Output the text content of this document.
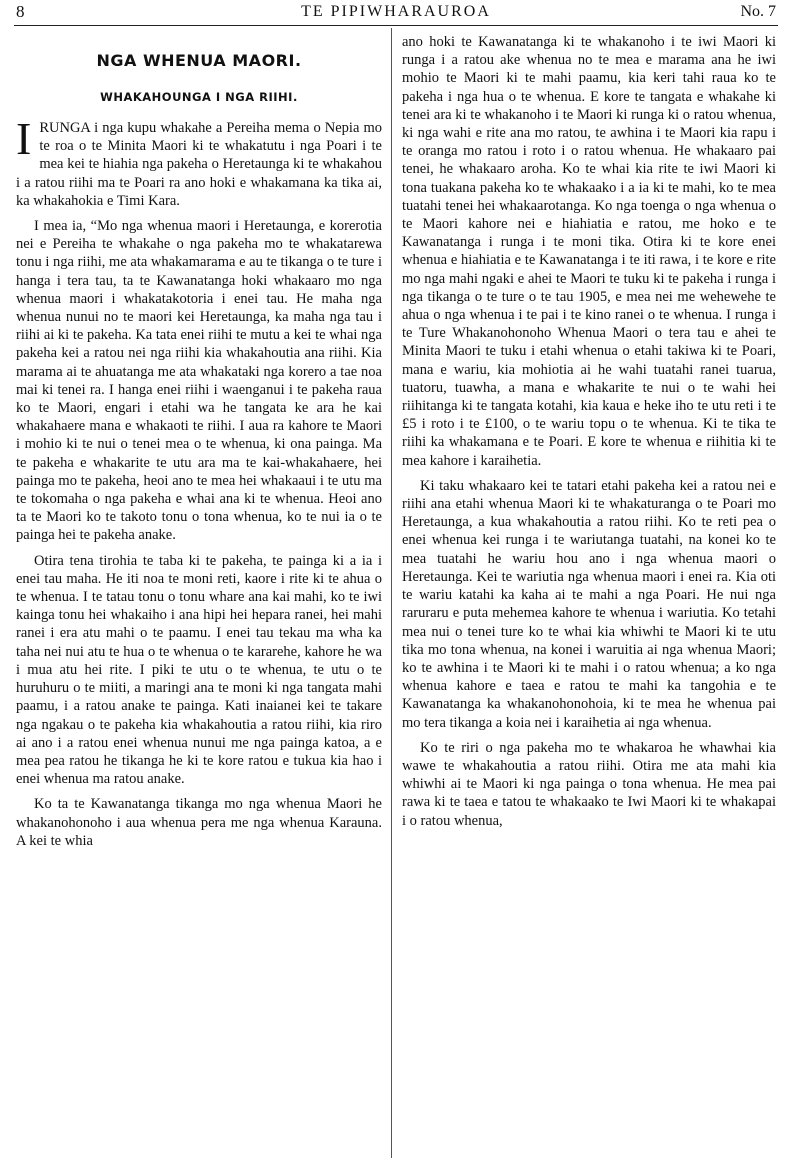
8	TE PIPIWHARAUROA	No. 7
NGA WHENUA MAORI.
WHAKAHOUNGA I NGA RIIHI.

IRUNGA i nga kupu whakahe a Pereiha mema o Nepia mo te roa o te Minita Maori ki te whakatutu i nga Poari i te mea kei te hiahia nga pakeha o Heretaunga ki te whakahou i a ratou riihi ma te Poari ra ano hoki e whakamana ka tika ai, ka whakahokia e Timi Kara.

I mea ia, “Mo nga whenua maori i Heretaunga, e korerotia nei e Pereiha te whakahe o nga pakeha mo te whakatarewa tonu i nga riihi, me ata whakamarama e au te tikanga o te ture i hanga i tera tau, ta te Kawanatanga hoki whakaaro mo nga whenua maori i whakatakotoria i enei tau. He maha nga whenua nunui no te maori kei Heretaunga, ka maha nga tau i riihi ai ki te pakeha. Ka tata enei riihi te mutu a kei te whai nga pakeha kei a ratou nei nga riihi kia whakahoutia ana riihi. Kia marama ai te ahuatanga me ata whakataki nga korero a tae noa mai ki tenei ra. I hanga enei riihi i waenganui i te pakeha raua ko te Maori, engari i etahi wa he tangata ke ara he kai whakahaere mana e whakaoti te riihi. I aua ra kahore te Maori i mohio ki te nui o tenei mea o te whenua, ki ona painga. Ma te pakeha e whakarite te utu ara ma te kai-whakahaere, hei painga mo te pakeha, heoi ano te mea hei whakaaui i te utu ma te tokomaha o nga pakeha e whai ana ki te whenua. Heoi ano ta te Maori ko te takoto tonu o tona whenua, ko te nui ia o te painga hei te pakeha anake.

Otira tena tirohia te taba ki te pakeha, te painga ki a ia i enei tau maha. He iti noa te moni reti, kaore i rite ki te ahua o te whenua. I te tatau tonu o tonu whare ana kai mahi, ko te iwi kainga tonu hei whakaiho i ana hipi hei hepara ranei, hei mahi ranei i era atu mahi o te paamu. I enei tau tekau ma wha ka taha nei nui atu te hua o te whenua o te kararehe, kahore he wa i mua atu hei rite. I piki te utu o te whenua, te utu o te huruhuru o te miiti, a maringi ana te moni ki nga tangata mahi paamu, i a ratou anake te painga. Kati inaianei kei te takare nga ngakau o te pakeha kia whakahoutia a ratou riihi, kia riro ai ano i a ratou enei whenua nunui me nga painga katoa, a e mea pea ratou he tikanga he ki te kore ratou e tukua kia hao i enei whenua ma ratou anake.

Ko ta te Kawanatanga tikanga mo nga whenua Maori he whakanohonoho i aua whenua pera me nga whenua Karauna. A kei te whia

ano hoki te Kawanatanga ki te whakanoho i te iwi Maori ki runga i a ratou ake whenua no te mea e marama ana he iwi mohio te Maori ki te mahi paamu, kia keri tahi raua ko te pakeha i nga hua o te whenua. E kore te tangata e whakahe ki tenei ara ki te whakanoho i te Maori ki runga ki o ratou whenua, ki nga wahi e rite ana mo ratou, te awhina i te Maori kia rapu i te oranga mo ratou i roto i o ratou whenua. He whakaaro pai tenei, he whakaaro aroha. Ko te whai kia rite te iwi Maori ki tona tuakana pakeha ko te whakaako i a ia ki te mahi, ko te mea tuatahi tenei hei whakaarotanga. Ko nga toenga o nga whenua o te Maori kahore nei e hiahiatia e ratou, me hoko e te Kawanatanga i runga i te moni tika. Otira ki te kore enei whenua e hiahiatia e te Kawanatanga i te iti rawa, i te kore e rite mo nga mahi ngaki e ahei te Maori te tuku ki te pakeha i runga i nga tikanga o te ture o te tau 1905, e mea nei me wehewehe te ahua o nga whenua i te pai i te kino ranei o te whenua. I runga i te Ture Whakanohonoho Whenua Maori o tera tau e ahei te Minita Maori te tuku i etahi whenua o etahi takiwa ki te Poari, mana e wariu, kia mohiotia ai he wahi tuatahi ranei tuarua, tuatoru, tuawha, a mana e whakarite te nui o te wahi hei riihitanga ki te tangata kotahi, kia kaua e heke iho te utu reti i te £5 i roto i te £100, o te wariu topu o te whenua. Ki te tika te riihi ka whakamana e te Poari. E kore te whenua e riihitia ki te mea kahore i karaihetia.

Ki taku whakaaro kei te tatari etahi pakeha kei a ratou nei e riihi ana etahi whenua Maori ki te whakaturanga o te Poari mo Heretaunga, a kua whakahoutia a ratou riihi. Ko te reti pea o enei whenua kei runga i te wariutanga tuatahi, na konei ko te mea tuatahi he wariu hou ano i nga whenua maori o Heretaunga. Kei te wariutia nga whenua maori i enei ra. Kia oti te wariu katahi ka kaha ai te mahi a nga Poari. He nui nga raruraru e puta mehemea kahore te whenua i wariutia. Ko tetahi mea nui o tenei ture ko te whai kia whiwhi te Maori ki te utu tika mo tona whenua, na konei i waruitia ai nga whenua Maori; ko te awhina i te Maori ki te mahi i o ratou whenua; a ko nga whenua kahore e taea e ratou te mahi ka tangohia e te Kawanatanga ka whakanohonohoia, ki te mea he whenua pai mo tera tikanga a koia nei i karaihetia ai nga whenua.

Ko te riri o nga pakeha mo te whakaroa he whawhai kia wawe te whakahoutia a ratou riihi. Otira me ata mahi kia whiwhi ai te Maori ki nga painga o tona whenua. He mea pai rawa ki te taea e tatou te whakaako te Iwi Maori ki te whakapai i o ratou whenua,
